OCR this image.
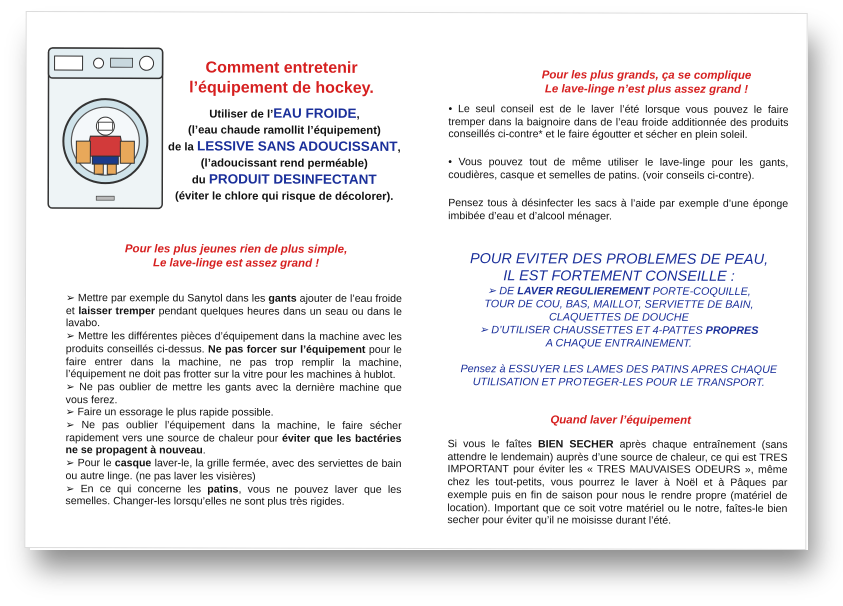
Comment entretenir
l’équipement de hockey.
Utiliser de l’EAU FROIDE,
(l’eau chaude ramollit l’équipement)
de la LESSIVE SANS ADOUCISSANT,
(l’adoucissant rend perméable)
du PRODUIT DESINFECTANT
(éviter le chlore qui risque de décolorer).
Pour les plus jeunes rien de plus simple,
Le lave-linge est assez grand !

➢ Mettre par exemple du Sanytol dans les gants ajouter de l’eau froide et laisser tremper pendant quelques heures dans un seau ou dans le lavabo.

➢ Mettre les différentes pièces d’équipement dans la machine avec les produits conseillés ci-dessus. Ne pas forcer sur l’équipement pour le faire entrer dans la machine, ne pas trop remplir la machine, l’équipement ne doit pas frotter sur la vitre pour les machines à hublot.

➢ Ne pas oublier de mettre les gants avec la dernière machine que vous ferez.

➢ Faire un essorage le plus rapide possible.

➢ Ne pas oublier l’équipement dans la machine, le faire sécher rapidement vers une source de chaleur pour éviter que les bactéries ne se propagent à nouveau.

➢ Pour le casque laver-le, la grille fermée, avec des serviettes de bain ou autre linge. (ne pas laver les visières)

➢ En ce qui concerne les patins, vous ne pouvez laver que les semelles. Changer-les lorsqu’elles ne sont plus très rigides.

Pour les plus grands, ça se complique
Le lave-linge n’est plus assez grand !

• Le seul conseil est de le laver l’été lorsque vous pouvez le faire tremper dans la baignoire dans de l’eau froide additionnée des produits conseillés ci-contre* et le faire égoutter et sécher en plein soleil.

• Vous pouvez tout de même utiliser le lave-linge pour les gants, coudières, casque et semelles de patins. (voir conseils ci-contre).

Pensez tous à désinfecter les sacs à l’aide par exemple d’une éponge imbibée d’eau et d’alcool ménager.

POUR EVITER DES PROBLEMES DE PEAU,
IL EST FORTEMENT CONSEILLE :
➢ DE LAVER REGULIEREMENT PORTE-COQUILLE,
TOUR DE COU, BAS, MAILLOT, SERVIETTE DE BAIN,
CLAQUETTES DE DOUCHE
➢ D’UTILISER CHAUSSETTES ET 4-PATTES PROPRES
A CHAQUE ENTRAINEMENT.
Pensez à ESSUYER LES LAMES DES PATINS APRES CHAQUE
UTILISATION ET PROTEGER-LES POUR LE TRANSPORT.
Quand laver l’équipement

Si vous le faîtes BIEN SECHER après chaque entraînement (sans attendre le lendemain) auprès d’une source de chaleur, ce qui est TRES IMPORTANT pour éviter les « TRES MAUVAISES ODEURS », même chez les tout-petits, vous pourrez le laver à Noël et à Pâques par exemple puis en fin de saison pour nous le rendre propre (matériel de location). Important que ce soit votre matériel ou le notre, faîtes-le bien secher pour éviter qu’il ne moisisse durant l’été.
